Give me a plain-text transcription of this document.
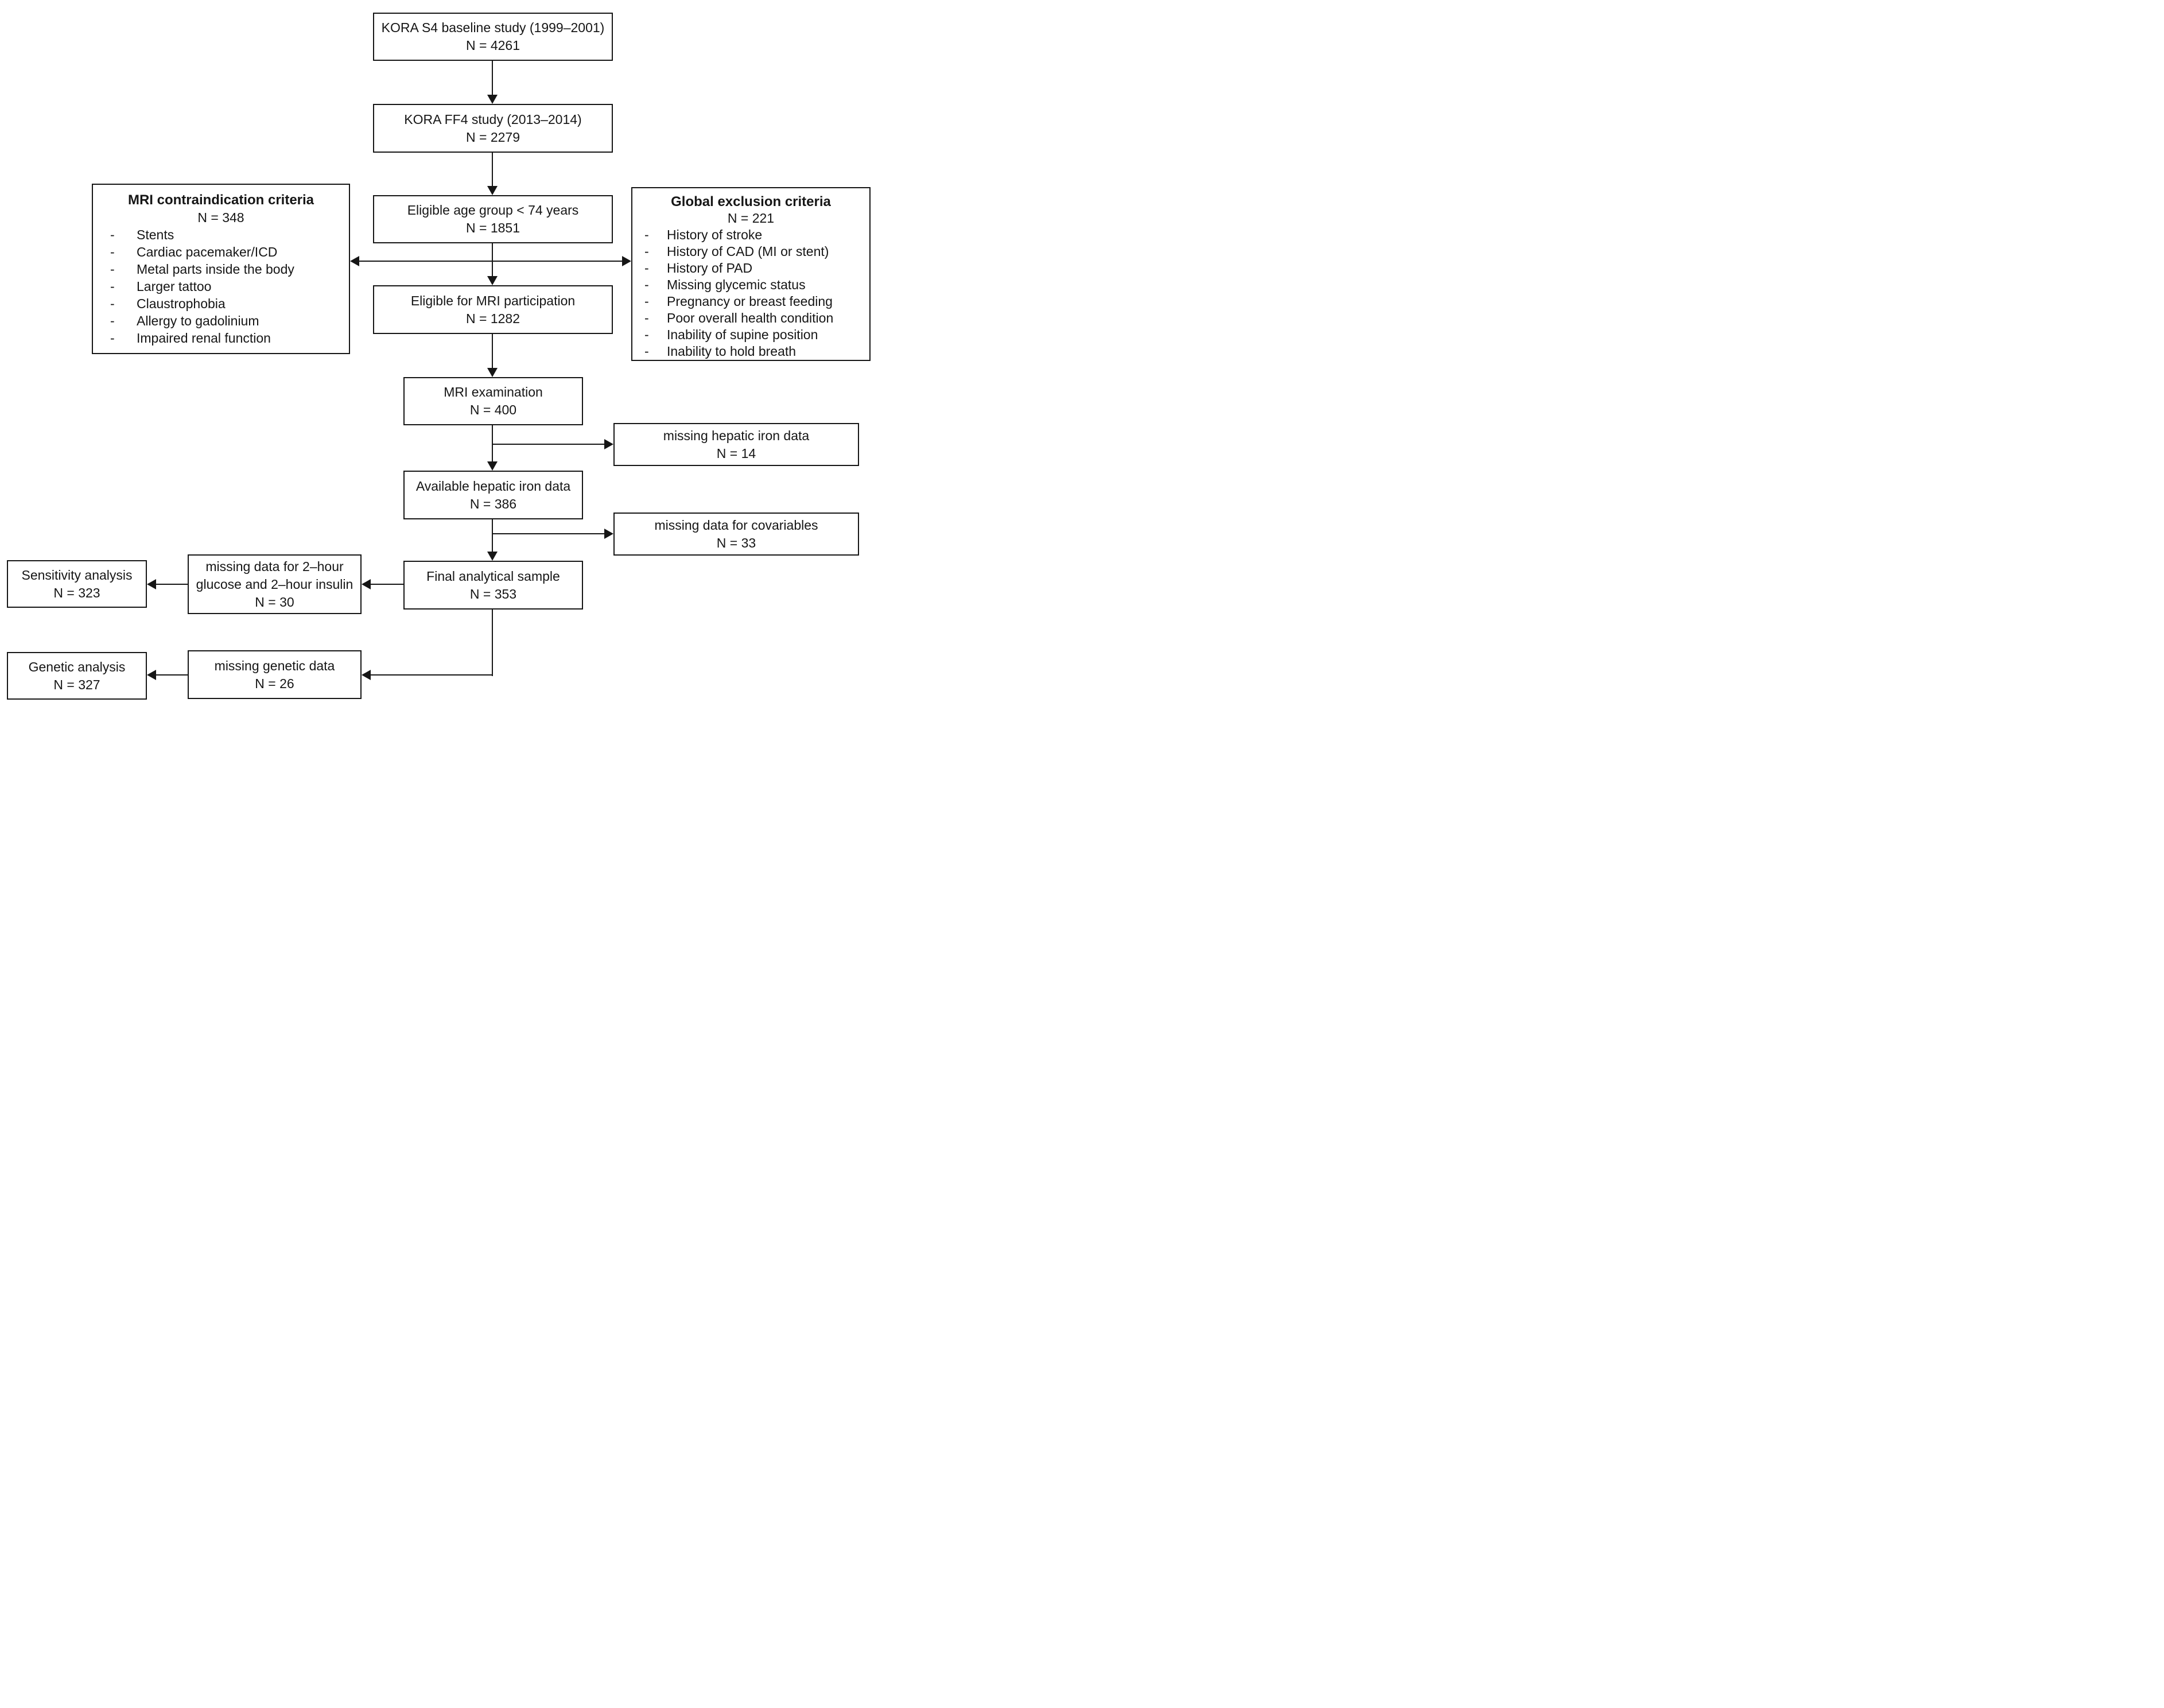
KORA S4 baseline study (1999–2001)
N = 4261
KORA FF4 study (2013–2014)
N = 2279
Eligible age group < 74 years
N = 1851
Eligible for MRI participation
N = 1282
MRI examination
N = 400
Available hepatic iron data
N = 386
Final analytical sample
N = 353
missing hepatic iron data
N = 14
missing data for covariables
N = 33
missing data for 2–hour glucose and 2–hour insulin
N = 30
Sensitivity analysis
N = 323
missing genetic data
N = 26
Genetic analysis
N = 327
MRI contraindication criteria
N = 348
-	Stents
-	Cardiac pacemaker/ICD
-	Metal parts inside the body
-	Larger tattoo
-	Claustrophobia
-	Allergy to gadolinium
-	Impaired renal function
Global exclusion criteria
N = 221
-	History of stroke
-	History of CAD (MI or stent)
-	History of PAD
-	Missing glycemic status
-	Pregnancy or breast feeding
-	Poor overall health condition
-	Inability of supine position
-	Inability to hold breath
